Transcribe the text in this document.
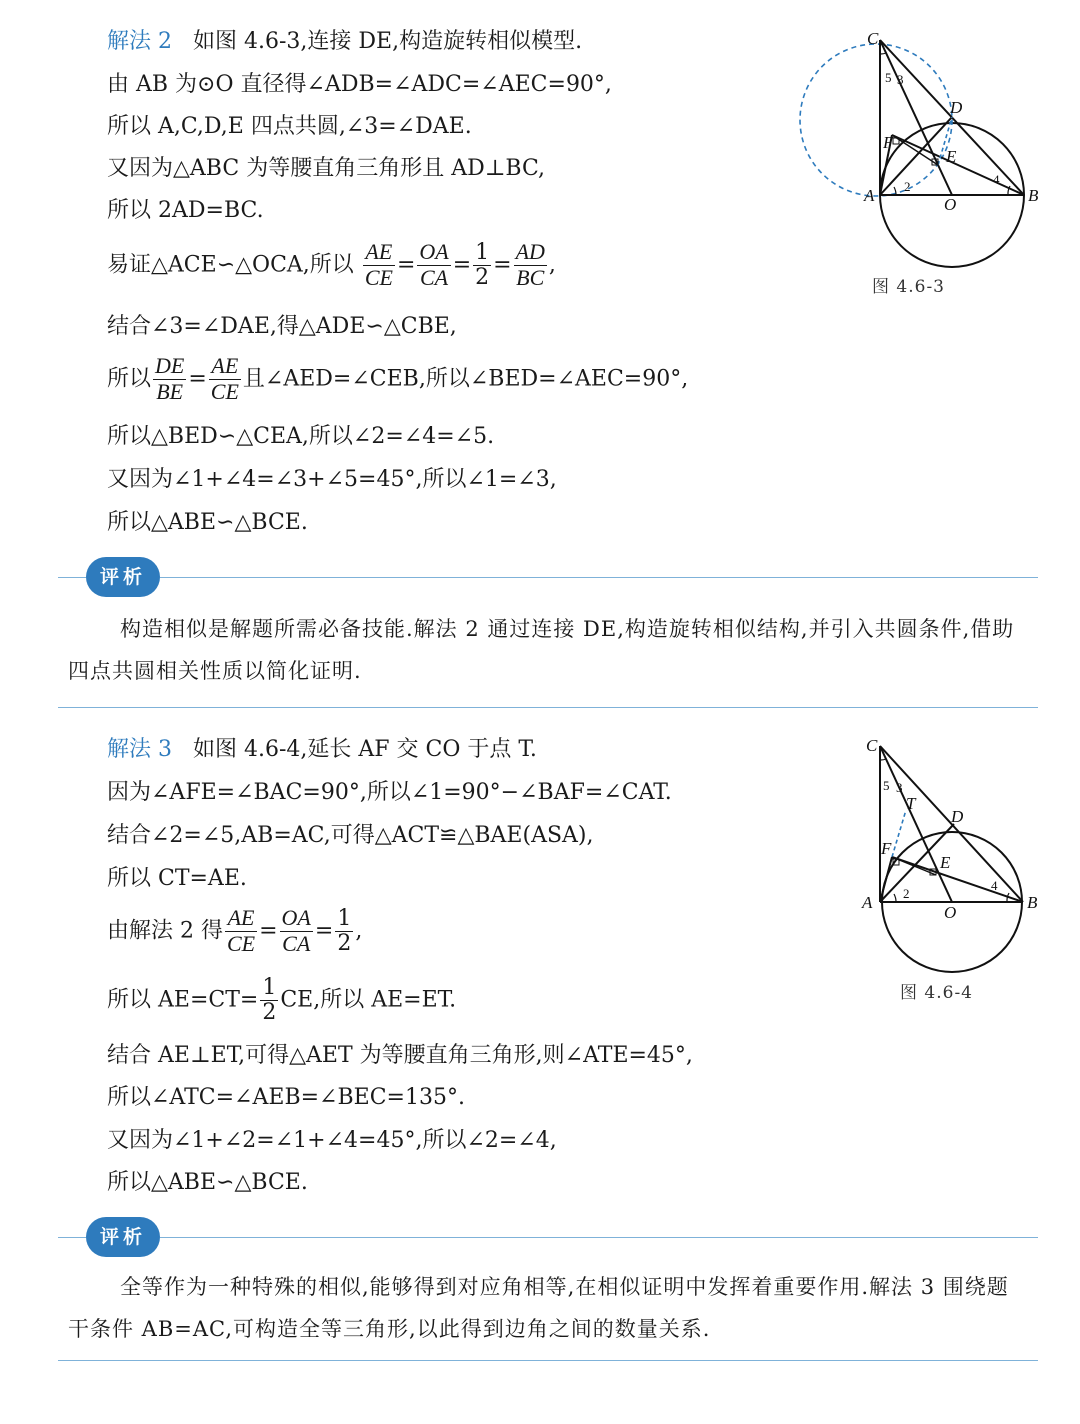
解法 2 如图 4.6-3,连接 DE,构造旋转相似模型.
由 AB 为⊙O 直径得∠ADB=∠ADC=∠AEC=90°,
所以 A,C,D,E 四点共圆,∠3=∠DAE.
又因为△ABC 为等腰直角三角形且 AD⊥BC,
所以 2AD=BC.
易证△ACE∽△OCA,所以 $\frac{AE}{CE} = \frac{OA}{CA} = \frac{1}{2} = \frac{AD}{BC}$ ,
结合∠3=∠DAE,得△ADE∽△CBE,
所以 $\frac{DE}{BE} = \frac{AE}{CE}$ 且∠AED=∠CEB,所以∠BED=∠AEC=90°,
所以△BED∽△CEA,所以∠2=∠4=∠5.
又因为∠1+∠4=∠3+∠5=45°,所以∠1=∠3,
所以△ABE∽△BCE.
C
D
E
F
A	B
O
5 3
2	4
图 4.6-3
评析
构造相似是解题所需必备技能.解法 2 通过连接 DE,构造旋转相似结构,并引入共圆条件,借助四点共圆相关性质以简化证明.
解法 3 如图 4.6-4,延长 AF 交 CO 于点 T.
因为∠AFE=∠BAC=90°,所以∠1=90°−∠BAF=∠CAT.
结合∠2=∠5,AB=AC,可得△ACT≌△BAE(ASA),
所以 CT=AE.
由解法 2 得 $\frac{AE}{CE} = \frac{OA}{CA} = \frac{1}{2}$ ,
所以 $AE=CT= \frac{1}{2}$ CE,所以 AE=ET.
结合 AE⊥ET,可得△AET 为等腰直角三角形,则∠ATE=45°,
所以∠ATC=∠AEB=∠BEC=135°.
又因为∠1+∠2=∠1+∠4=45°,所以∠2=∠4,
所以△ABE∽△BCE.
C
T
D
E
F
A	B
O
5 3
2
4
图 4.6-4
评析
全等作为一种特殊的相似,能够得到对应角相等,在相似证明中发挥着重要作用.解法 3 围绕题干条件 AB=AC,可构造全等三角形,以此得到边角之间的数量关系.
